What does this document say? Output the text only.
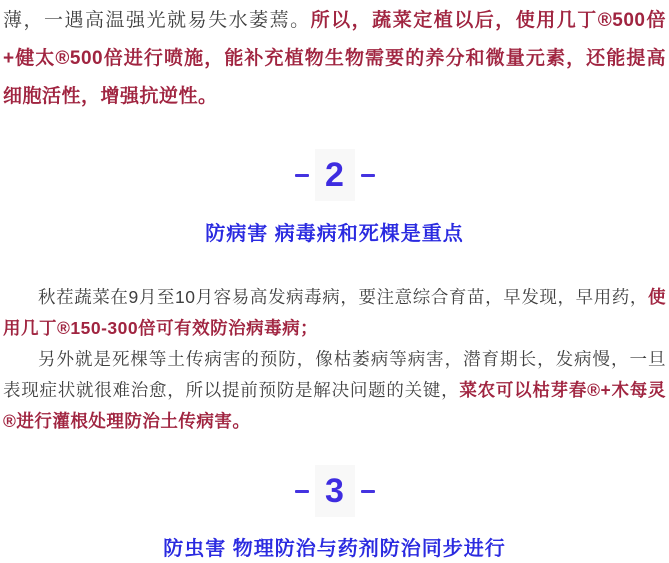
薄，一遇高温强光就易失水萎蔫。所以，蔬菜定植以后，使用几丁®500倍+健太®500倍进行喷施，能补充植物生物需要的养分和微量元素，还能提高细胞活性，增强抗逆性。

2
防病害 病毒病和死棵是重点

秋茬蔬菜在9月至10月容易高发病毒病，要注意综合育苗，早发现，早用药，使用几丁®150-300倍可有效防治病毒病；

另外就是死棵等土传病害的预防，像枯萎病等病害，潜育期长，发病慢，一旦表现症状就很难治愈，所以提前预防是解决问题的关键，菜农可以枯芽春®+木每灵®进行灌根处理防治土传病害。

3
防虫害 物理防治与药剂防治同步进行
